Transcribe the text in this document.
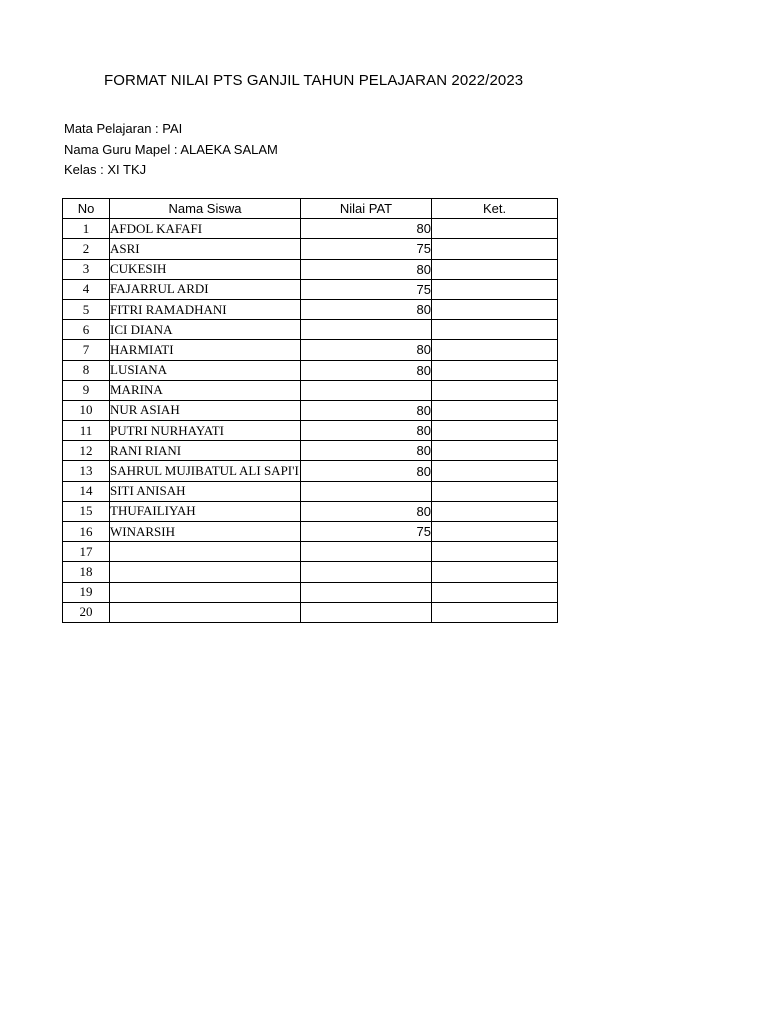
FORMAT NILAI PTS GANJIL TAHUN PELAJARAN 2022/2023
Mata Pelajaran : PAI
Nama Guru Mapel : ALAEKA SALAM
Kelas : XI TKJ
No	Nama Siswa	Nilai PAT	Ket.
1	AFDOL KAFAFI	80	
2	ASRI	75	
3	CUKESIH	80	
4	FAJARRUL ARDI	75	
5	FITRI RAMADHANI	80	
6	ICI DIANA		
7	HARMIATI	80	
8	LUSIANA	80	
9	MARINA		
10	NUR ASIAH	80	
11	PUTRI NURHAYATI	80	
12	RANI RIANI	80	
13	SAHRUL MUJIBATUL ALI SAPI'I	80	
14	SITI ANISAH		
15	THUFAILIYAH	80	
16	WINARSIH	75	
17			
18			
19			
20			
